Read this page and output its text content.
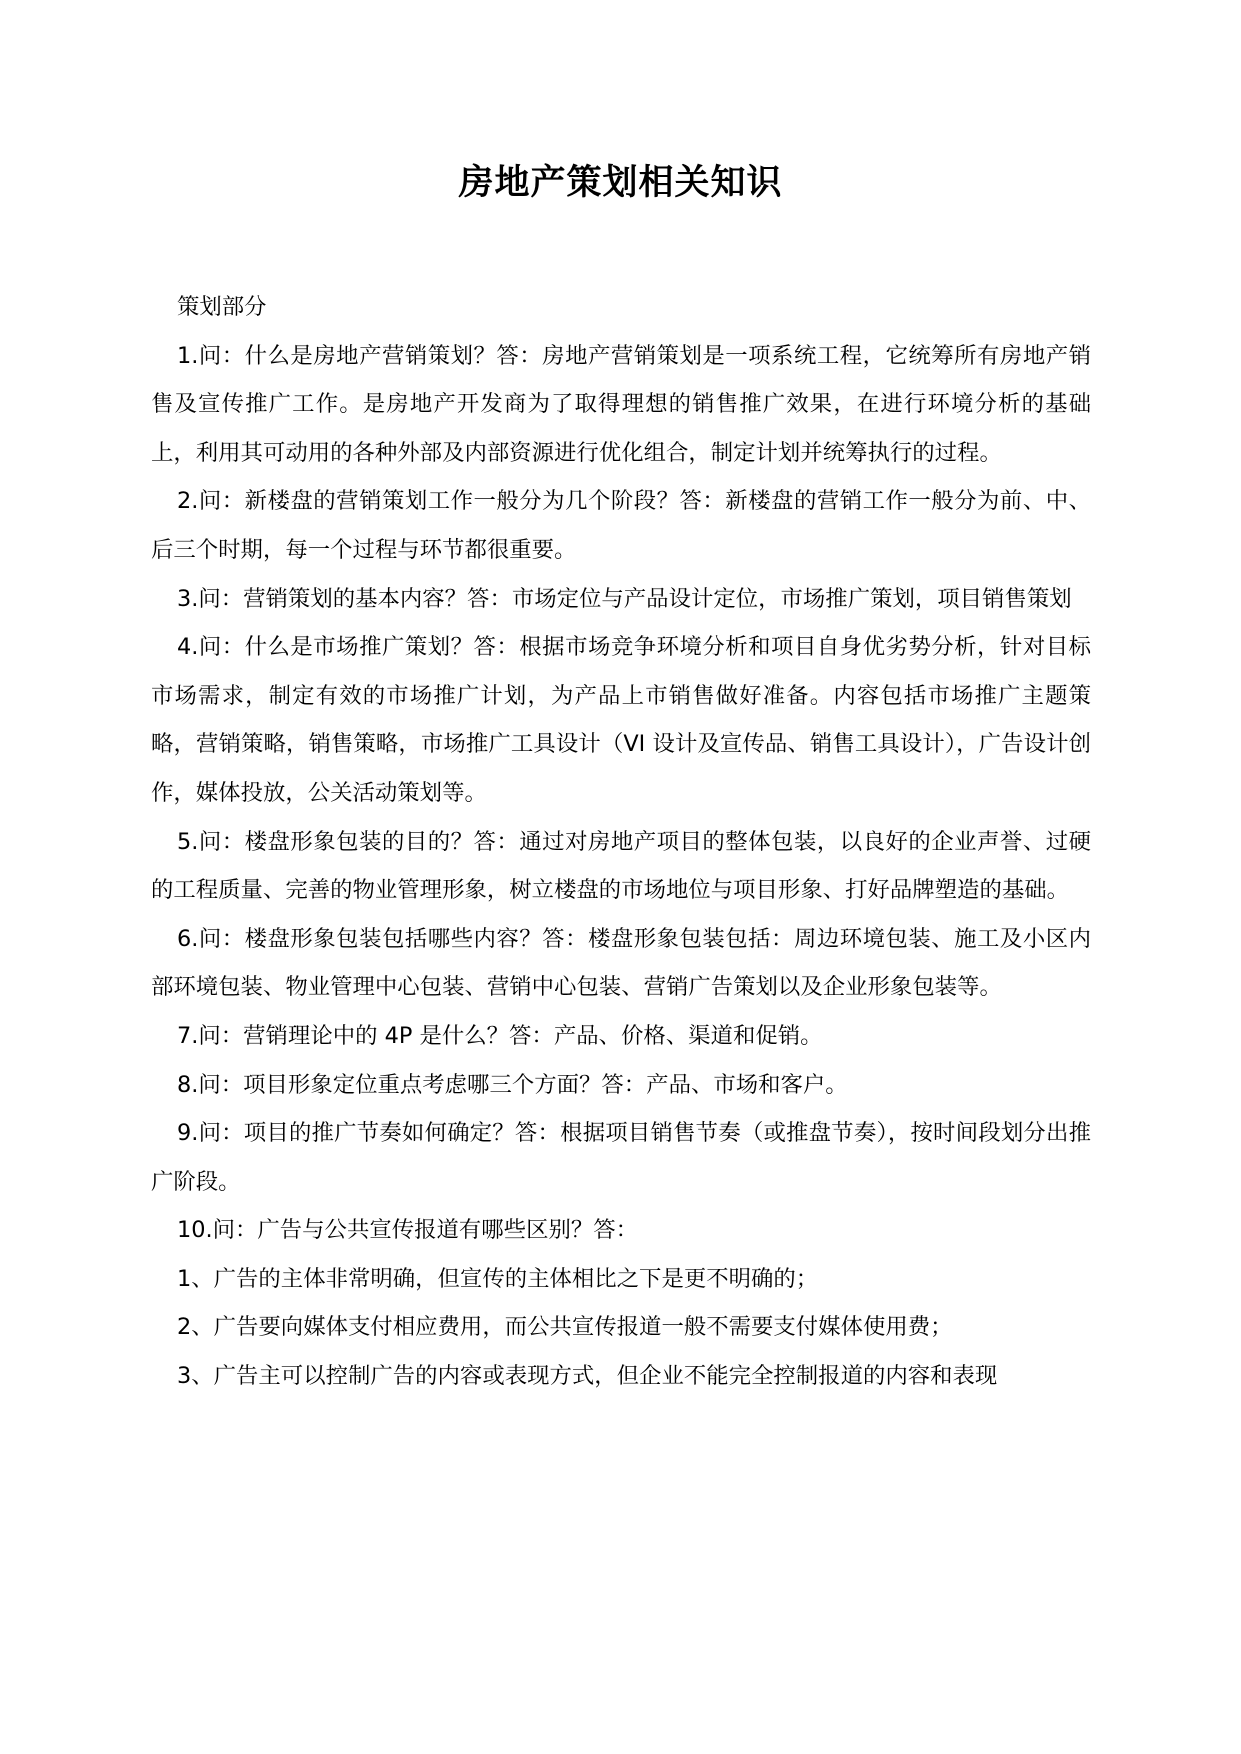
房地产策划相关知识

策划部分

1.问：什么是房地产营销策划？答：房地产营销策划是一项系统工程，它统筹所有房地产销售及宣传推广工作。是房地产开发商为了取得理想的销售推广效果，在进行环境分析的基础上，利用其可动用的各种外部及内部资源进行优化组合，制定计划并统筹执行的过程。

2.问：新楼盘的营销策划工作一般分为几个阶段？答：新楼盘的营销工作一般分为前、中、后三个时期，每一个过程与环节都很重要。

3.问：营销策划的基本内容？答：市场定位与产品设计定位，市场推广策划，项目销售策划

4.问：什么是市场推广策划？答：根据市场竞争环境分析和项目自身优劣势分析，针对目标市场需求，制定有效的市场推广计划，为产品上市销售做好准备。内容包括市场推广主题策略，营销策略，销售策略，市场推广工具设计（VI 设计及宣传品、销售工具设计），广告设计创作，媒体投放，公关活动策划等。

5.问：楼盘形象包装的目的？答：通过对房地产项目的整体包装，以良好的企业声誉、过硬的工程质量、完善的物业管理形象，树立楼盘的市场地位与项目形象、打好品牌塑造的基础。

6.问：楼盘形象包装包括哪些内容？答：楼盘形象包装包括：周边环境包装、施工及小区内部环境包装、物业管理中心包装、营销中心包装、营销广告策划以及企业形象包装等。

7.问：营销理论中的 4P 是什么？答：产品、价格、渠道和促销。

8.问：项目形象定位重点考虑哪三个方面？答：产品、市场和客户。

9.问：项目的推广节奏如何确定？答：根据项目销售节奏（或推盘节奏），按时间段划分出推广阶段。

10.问：广告与公共宣传报道有哪些区别？答：

1、广告的主体非常明确，但宣传的主体相比之下是更不明确的；

2、广告要向媒体支付相应费用，而公共宣传报道一般不需要支付媒体使用费；

3、广告主可以控制广告的内容或表现方式，但企业不能完全控制报道的内容和表现
